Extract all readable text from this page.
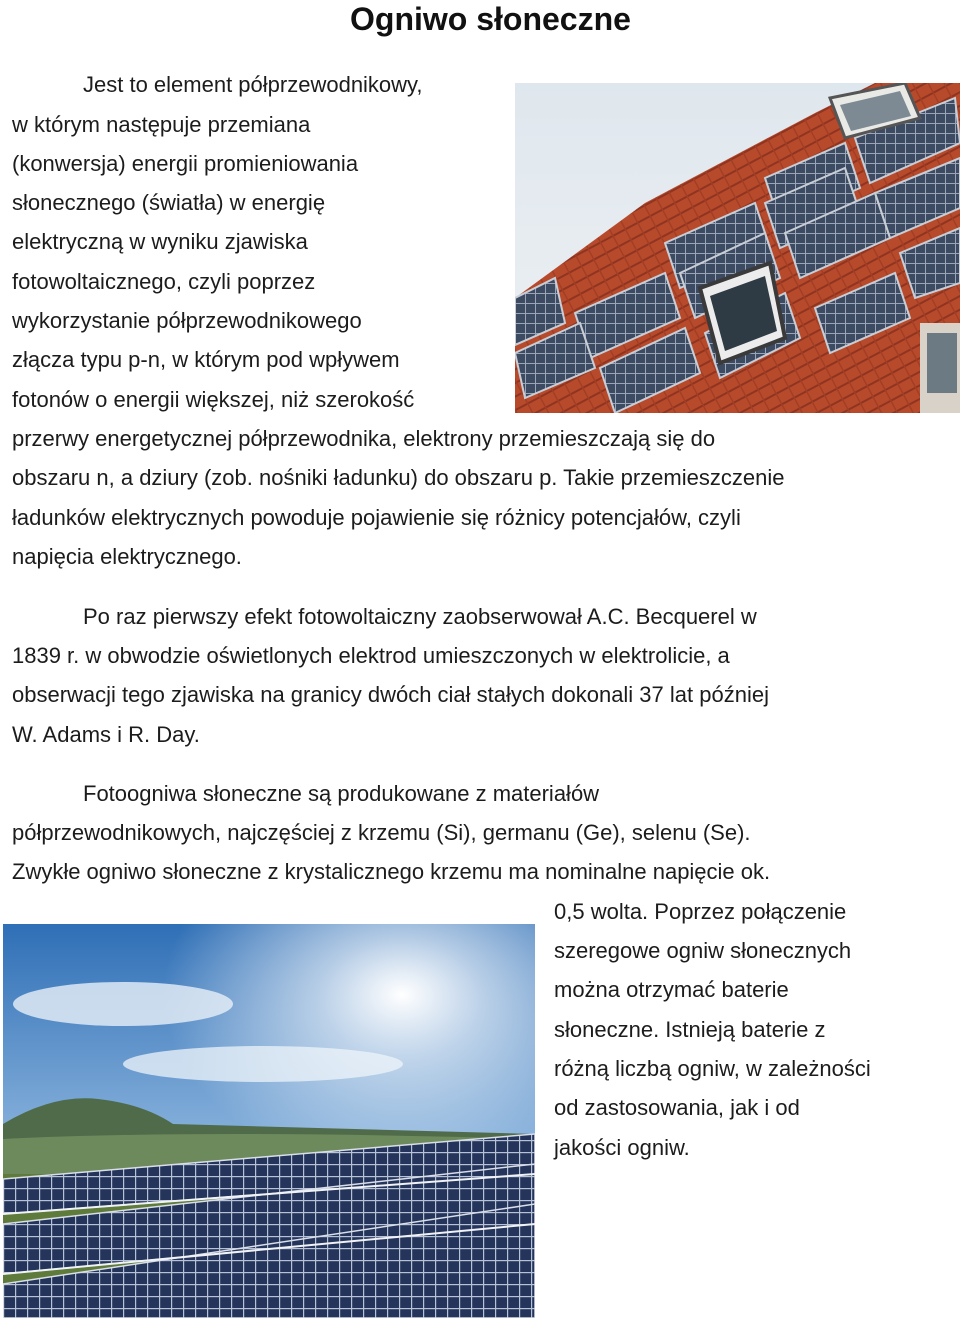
Ogniwo słoneczne
Jest to element półprzewodnikowy,
w którym następuje przemiana
(konwersja) energii promieniowania
słonecznego (światła) w energię
elektryczną w wyniku zjawiska
fotowoltaicznego, czyli poprzez
wykorzystanie półprzewodnikowego
złącza typu p-n, w którym pod wpływem
fotonów o energii większej, niż szerokość
przerwy energetycznej półprzewodnika, elektrony przemieszczają się do
obszaru n, a dziury (zob. nośniki ładunku) do obszaru p. Takie przemieszczenie
ładunków elektrycznych powoduje pojawienie się różnicy potencjałów, czyli
napięcia elektrycznego.
Po raz pierwszy efekt fotowoltaiczny zaobserwował A.C. Becquerel w
1839 r. w obwodzie oświetlonych elektrod umieszczonych w elektrolicie, a
obserwacji tego zjawiska na granicy dwóch ciał stałych dokonali 37 lat później
W. Adams i R. Day.
Fotoogniwa słoneczne są produkowane z materiałów
półprzewodnikowych, najczęściej z krzemu (Si), germanu (Ge), selenu (Se).
Zwykłe ogniwo słoneczne z krystalicznego krzemu ma nominalne napięcie ok.
0,5 wolta. Poprzez połączenie
szeregowe ogniw słonecznych
można otrzymać baterie
słoneczne. Istnieją baterie z
różną liczbą ogniw, w zależności
od zastosowania, jak i od
jakości ogniw.
